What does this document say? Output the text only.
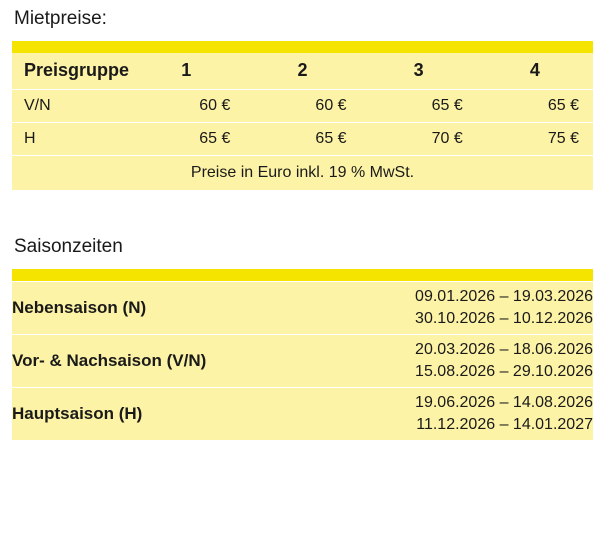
Mietpreise:

Preisgruppe	1	2	3	4
V/N	60 €	60 €	65 €	65 €
H	65 €	65 €	70 €	75 €
Preise in Euro inkl. 19 % MwSt.				
Saisonzeiten

Nebensaison (N)	09.01.2026 – 19.03.2026
30.10.2026 – 10.12.2026

Vor- & Nachsaison (V/N)	20.03.2026 – 18.06.2026
15.08.2026 – 29.10.2026

Hauptsaison (H)	19.06.2026 – 14.08.2026
11.12.2026 – 14.01.2027
